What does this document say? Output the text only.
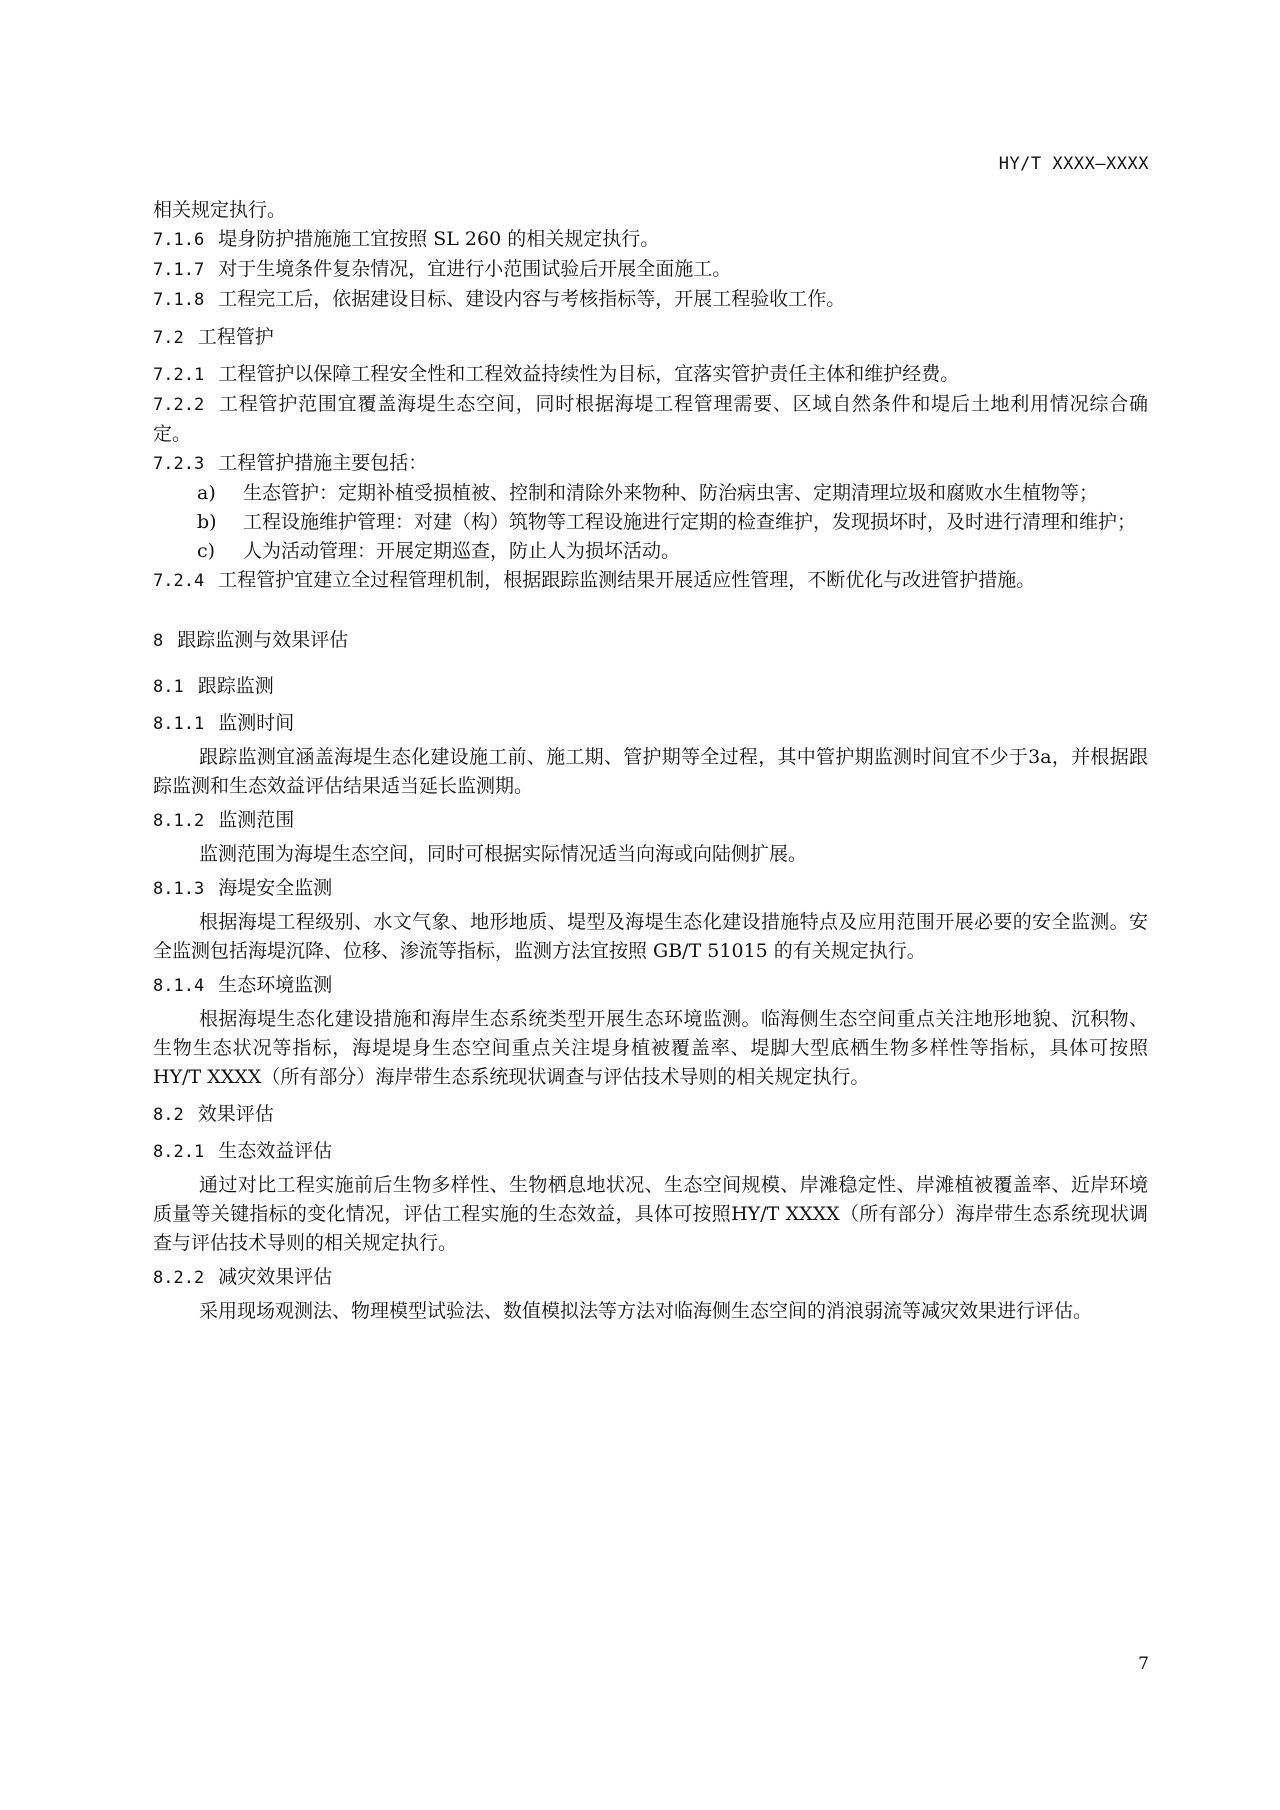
HY/T XXXX—XXXX

相关规定执行。

7.1.6 堤身防护措施施工宜按照 SL 260 的相关规定执行。

7.1.7 对于生境条件复杂情况，宜进行小范围试验后开展全面施工。

7.1.8 工程完工后，依据建设目标、建设内容与考核指标等，开展工程验收工作。

7.2 工程管护

7.2.1 工程管护以保障工程安全性和工程效益持续性为目标，宜落实管护责任主体和维护经费。

7.2.2 工程管护范围宜覆盖海堤生态空间，同时根据海堤工程管理需要、区域自然条件和堤后土地利用情况综合确定。

7.2.3 工程管护措施主要包括：

a)	生态管护：定期补植受损植被、控制和清除外来物种、防治病虫害、定期清理垃圾和腐败水生植物等；
b)	工程设施维护管理：对建（构）筑物等工程设施进行定期的检查维护，发现损坏时，及时进行清理和维护；
c)	人为活动管理：开展定期巡查，防止人为损坏活动。

7.2.4 工程管护宜建立全过程管理机制，根据跟踪监测结果开展适应性管理，不断优化与改进管护措施。

8 跟踪监测与效果评估
8.1 跟踪监测
8.1.1 监测时间

跟踪监测宜涵盖海堤生态化建设施工前、施工期、管护期等全过程，其中管护期监测时间宜不少于3a，并根据跟踪监测和生态效益评估结果适当延长监测期。

8.1.2 监测范围

监测范围为海堤生态空间，同时可根据实际情况适当向海或向陆侧扩展。

8.1.3 海堤安全监测

根据海堤工程级别、水文气象、地形地质、堤型及海堤生态化建设措施特点及应用范围开展必要的安全监测。安全监测包括海堤沉降、位移、渗流等指标，监测方法宜按照 GB/T 51015 的有关规定执行。

8.1.4 生态环境监测

根据海堤生态化建设措施和海岸生态系统类型开展生态环境监测。临海侧生态空间重点关注地形地貌、沉积物、生物生态状况等指标，海堤堤身生态空间重点关注堤身植被覆盖率、堤脚大型底栖生物多样性等指标，具体可按照 HY/T XXXX（所有部分）海岸带生态系统现状调查与评估技术导则的相关规定执行。

8.2 效果评估
8.2.1 生态效益评估

通过对比工程实施前后生物多样性、生物栖息地状况、生态空间规模、岸滩稳定性、岸滩植被覆盖率、近岸环境质量等关键指标的变化情况，评估工程实施的生态效益，具体可按照HY/T XXXX（所有部分）海岸带生态系统现状调查与评估技术导则的相关规定执行。

8.2.2 减灾效果评估

采用现场观测法、物理模型试验法、数值模拟法等方法对临海侧生态空间的消浪弱流等减灾效果进行评估。

7
